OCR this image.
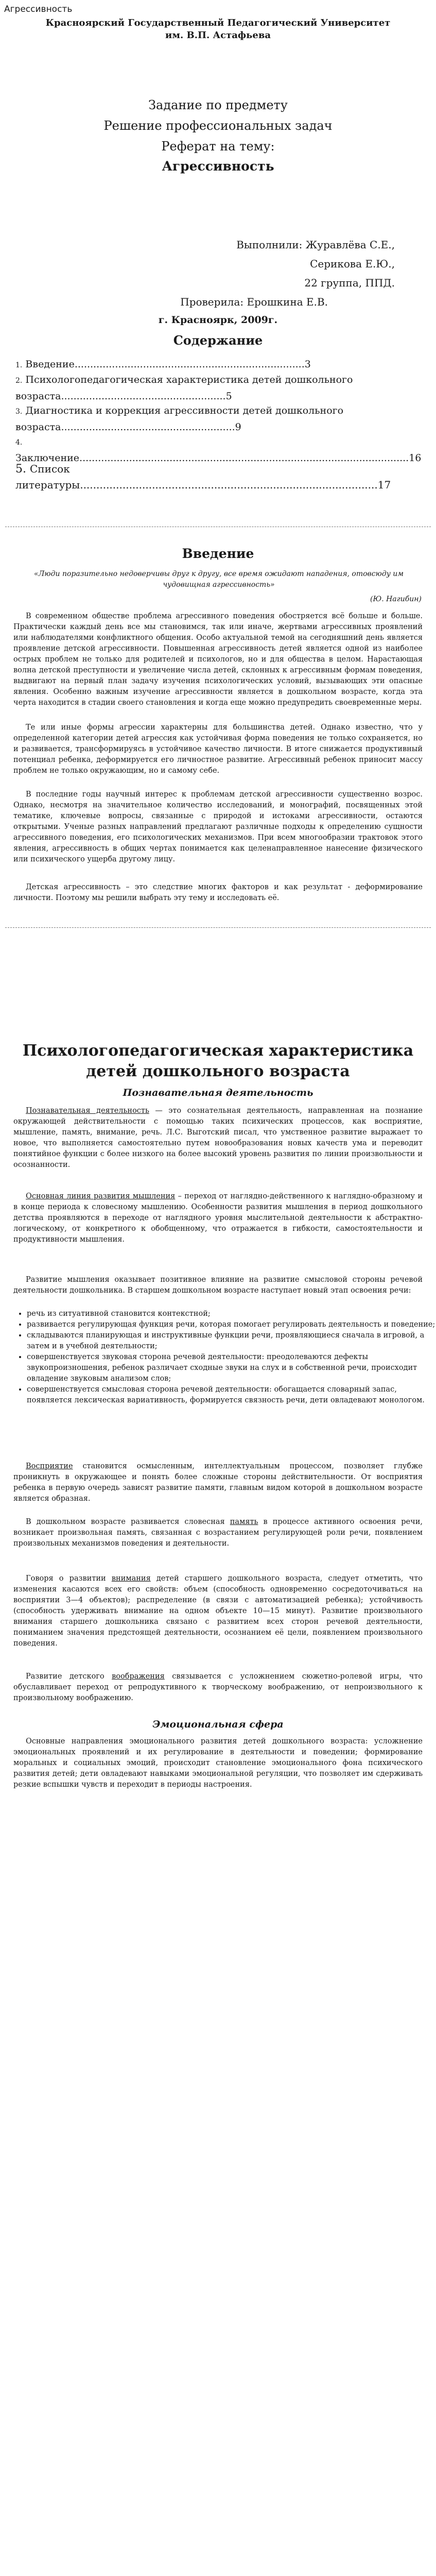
Агрессивность
Красноярский Государственный Педагогический Университет
им. В.П. Астафьева
Задание по предмету
Решение профессиональных задач
Реферат на тему:
Агрессивность
Выполнили: Журавлёва С.Е.,
Серикова Е.Ю.,
22 группа, ППД.
Проверила: Ерошкина Е.В.
г. Красноярк, 2009г.
Содержание
1. Введение..........................................................................3
2. Психологопедагогическая характеристика детей дошкольного возраста.....................................................5
3. Диагностика и коррекция агрессивности детей дошкольного возраста........................................................9
4. Заключение..........................................................................................................16
5. Список литературы...........................................................................................17
Введение
«Люди поразительно недоверчивы друг к другу, все время ожидают нападения, отовсюду им чудовищная агрессивность»
(Ю. Нагибин)
В современном обществе проблема агрессивного поведения обостряется всё больше и больше. Практически каждый день все мы становимся, так или иначе, жертвами агрессивных проявлений или наблюдателями конфликтного общения. Особо актуальной темой на сегодняшний день является проявление детской агрессивности. Повышенная агрессивность детей является одной из наиболее острых проблем не только для родителей и психологов, но и для общества в целом. Нарастающая волна детской преступности и увеличение числа детей, склонных к агрессивным формам поведения, выдвигают на первый план задачу изучения психологических условий, вызывающих эти опасные явления. Особенно важным изучение агрессивности является в дошкольном возрасте, когда эта черта находится в стадии своего становления и когда еще можно предупредить своевременные меры.
Те или иные формы агрессии характерны для большинства детей. Однако известно, что у определенной категории детей агрессия как устойчивая форма поведения не только сохраняется, но и развивается, трансформируясь в устойчивое качество личности. В итоге снижается продуктивный потенциал ребенка, деформируется его личностное развитие. Агрессивный ребенок приносит массу проблем не только окружающим, но и самому себе.
В последние годы научный интерес к проблемам детской агрессивности существенно возрос. Однако, несмотря на значительное количество исследований, и монографий, посвященных этой тематике, ключевые вопросы, связанные с природой и истоками агрессивности, остаются открытыми. Ученые разных направлений предлагают различные подходы к определению сущности агрессивного поведения, его психологических механизмов. При всем многообразии трактовок этого явления, агрессивность в общих чертах понимается как целенаправленное нанесение физического или психического ущерба другому лицу.
Детская агрессивность – это следствие многих факторов и как результат - деформирование личности. Поэтому мы решили выбрать эту тему и исследовать её.
Психологопедагогическая характеристика детей дошкольного возраста
Познавательная деятельность
Познавательная деятельность — это сознательная деятельность, направленная на познание окружающей действительности с помощью таких психических процессов, как восприятие, мышление, память, внимание, речь. Л.С. Выготский писал, что умственное развитие выражает то новое, что выполняется самостоятельно путем новообразования новых качеств ума и переводит понятийное функции с более низкого на более высокий уровень развития по линии произвольности и осознанности.
Основная линия развития мышления – переход от наглядно-действенного к наглядно-образному и в конце периода к словесному мышлению. Особенности развития мышления в период дошкольного детства проявляются в переходе от наглядного уровня мыслительной деятельности к абстрактно-логическому, от конкретного к обобщенному, что отражается в гибкости, самостоятельности и продуктивности мышления.
Развитие мышления оказывает позитивное влияние на развитие смысловой стороны речевой деятельности дошкольника. В старшем дошкольном возрасте наступает новый этап освоения речи:
• речь из ситуативной становится контекстной;
• развивается регулирующая функция речи, которая помогает регулировать деятельность и поведение;
• складываются планирующая и инструктивные функции речи, проявляющиеся сначала в игровой, а затем и в учебной деятельности;
• совершенствуется звуковая сторона речевой деятельности: преодолеваются дефекты звукопроизношения, ребенок различает сходные звуки на слух и в собственной речи, происходит овладение звуковым анализом слов;
• совершенствуется смысловая сторона речевой деятельности: обогащается словарный запас, появляется лексическая вариативность, формируется связность речи, дети овладевают монологом.
Восприятие становится осмысленным, интеллектуальным процессом, позволяет глубже проникнуть в окружающее и понять более сложные стороны действительности. От восприятия ребенка в первую очередь зависят развитие памяти, главным видом которой в дошкольном возрасте является образная.
В дошкольном возрасте развивается словесная память в процессе активного освоения речи, возникает произвольная память, связанная с возрастанием регулирующей роли речи, появлением произвольных механизмов поведения и деятельности.
Говоря о развитии внимания детей старшего дошкольного возраста, следует отметить, что изменения касаются всех его свойств: объем (способность одновременно сосредоточиваться на восприятии 3—4 объектов); распределение (в связи с автоматизацией ребенка); устойчивость (способность удерживать внимание на одном объекте 10—15 минут). Развитие произвольного внимания старшего дошкольника связано с развитием всех сторон речевой деятельности, пониманием значения предстоящей деятельности, осознанием её цели, появлением произвольного поведения.
Развитие детского воображения связывается с усложнением сюжетно-ролевой игры, что обуславливает переход от репродуктивного к творческому воображению, от непроизвольного к произвольному воображению.
Эмоциональная сфера
Основные направления эмоционального развития детей дошкольного возраста: усложнение эмоциональных проявлений и их регулирование в деятельности и поведении; формирование моральных и социальных эмоций, происходит становление эмоционального фона психического развития детей; дети овладевают навыками эмоциональной регуляции, что позволяет им сдерживать резкие вспышки чувств и переходит в периоды настроения.
